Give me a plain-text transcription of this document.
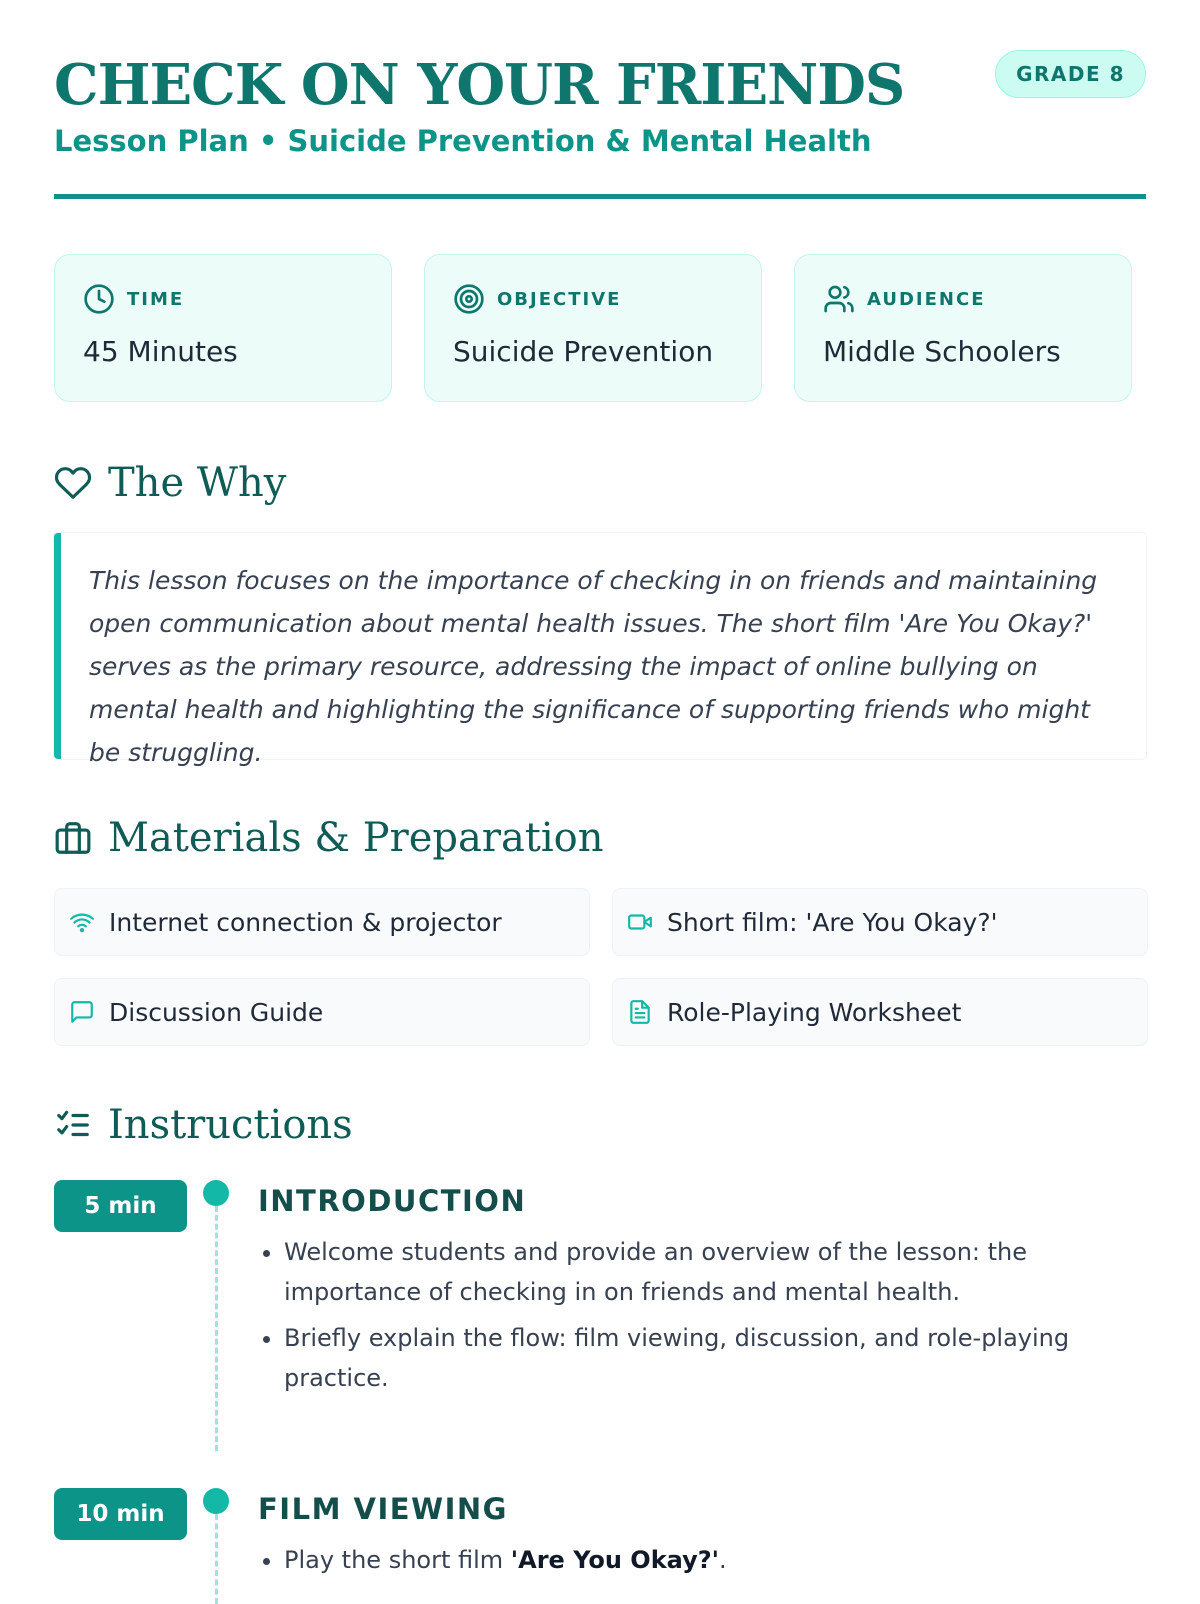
CHECK ON YOUR FRIENDS
Lesson Plan • Suicide Prevention & Mental Health
GRADE 8
TIME
45 Minutes
OBJECTIVE
Suicide Prevention
AUDIENCE
Middle Schoolers
The Why
This lesson focuses on the importance of checking in on friends and maintaining open communication about mental health issues. The short film 'Are You Okay?' serves as the primary resource, addressing the impact of online bullying on mental health and highlighting the significance of supporting friends who might be struggling.
Materials & Preparation
Internet connection & projector	Short film: 'Are You Okay?'
Discussion Guide	Role-Playing Worksheet
Instructions
5 min	INTRODUCTION
• Welcome students and provide an overview of the lesson: the importance of checking in on friends and mental health.
• Briefly explain the flow: film viewing, discussion, and role-playing practice.
10 min	FILM VIEWING
• Play the short film 'Are You Okay?'.
